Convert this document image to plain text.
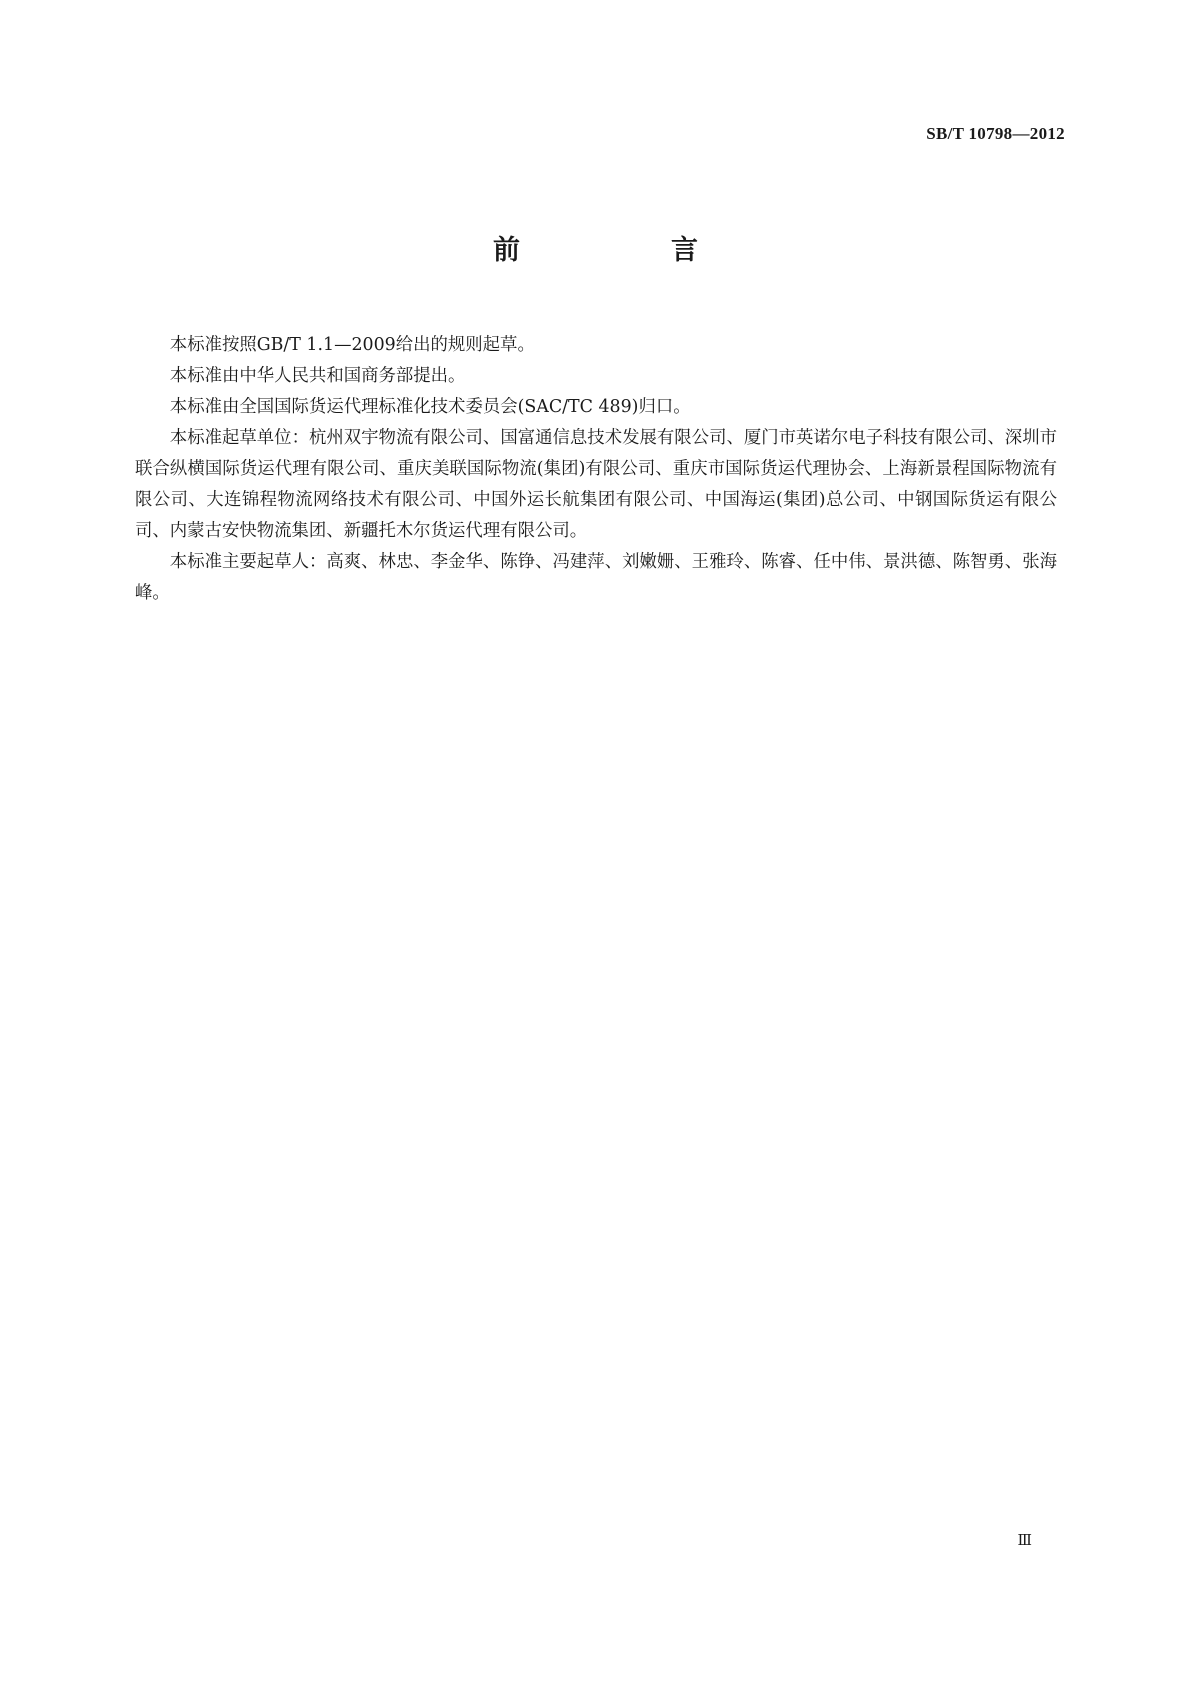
SB/T 10798—2012
前　言

本标准按照GB/T 1.1—2009给出的规则起草。

本标准由中华人民共和国商务部提出。

本标准由全国国际货运代理标准化技术委员会(SAC/TC 489)归口。

本标准起草单位：杭州双宇物流有限公司、国富通信息技术发展有限公司、厦门市英诺尔电子科技有限公司、深圳市联合纵横国际货运代理有限公司、重庆美联国际物流(集团)有限公司、重庆市国际货运代理协会、上海新景程国际物流有限公司、大连锦程物流网络技术有限公司、中国外运长航集团有限公司、中国海运(集团)总公司、中钢国际货运有限公司、内蒙古安快物流集团、新疆托木尔货运代理有限公司。

本标准主要起草人：高爽、林忠、李金华、陈铮、冯建萍、刘嫩姗、王雅玲、陈睿、任中伟、景洪德、陈智勇、张海峰。

Ⅲ
